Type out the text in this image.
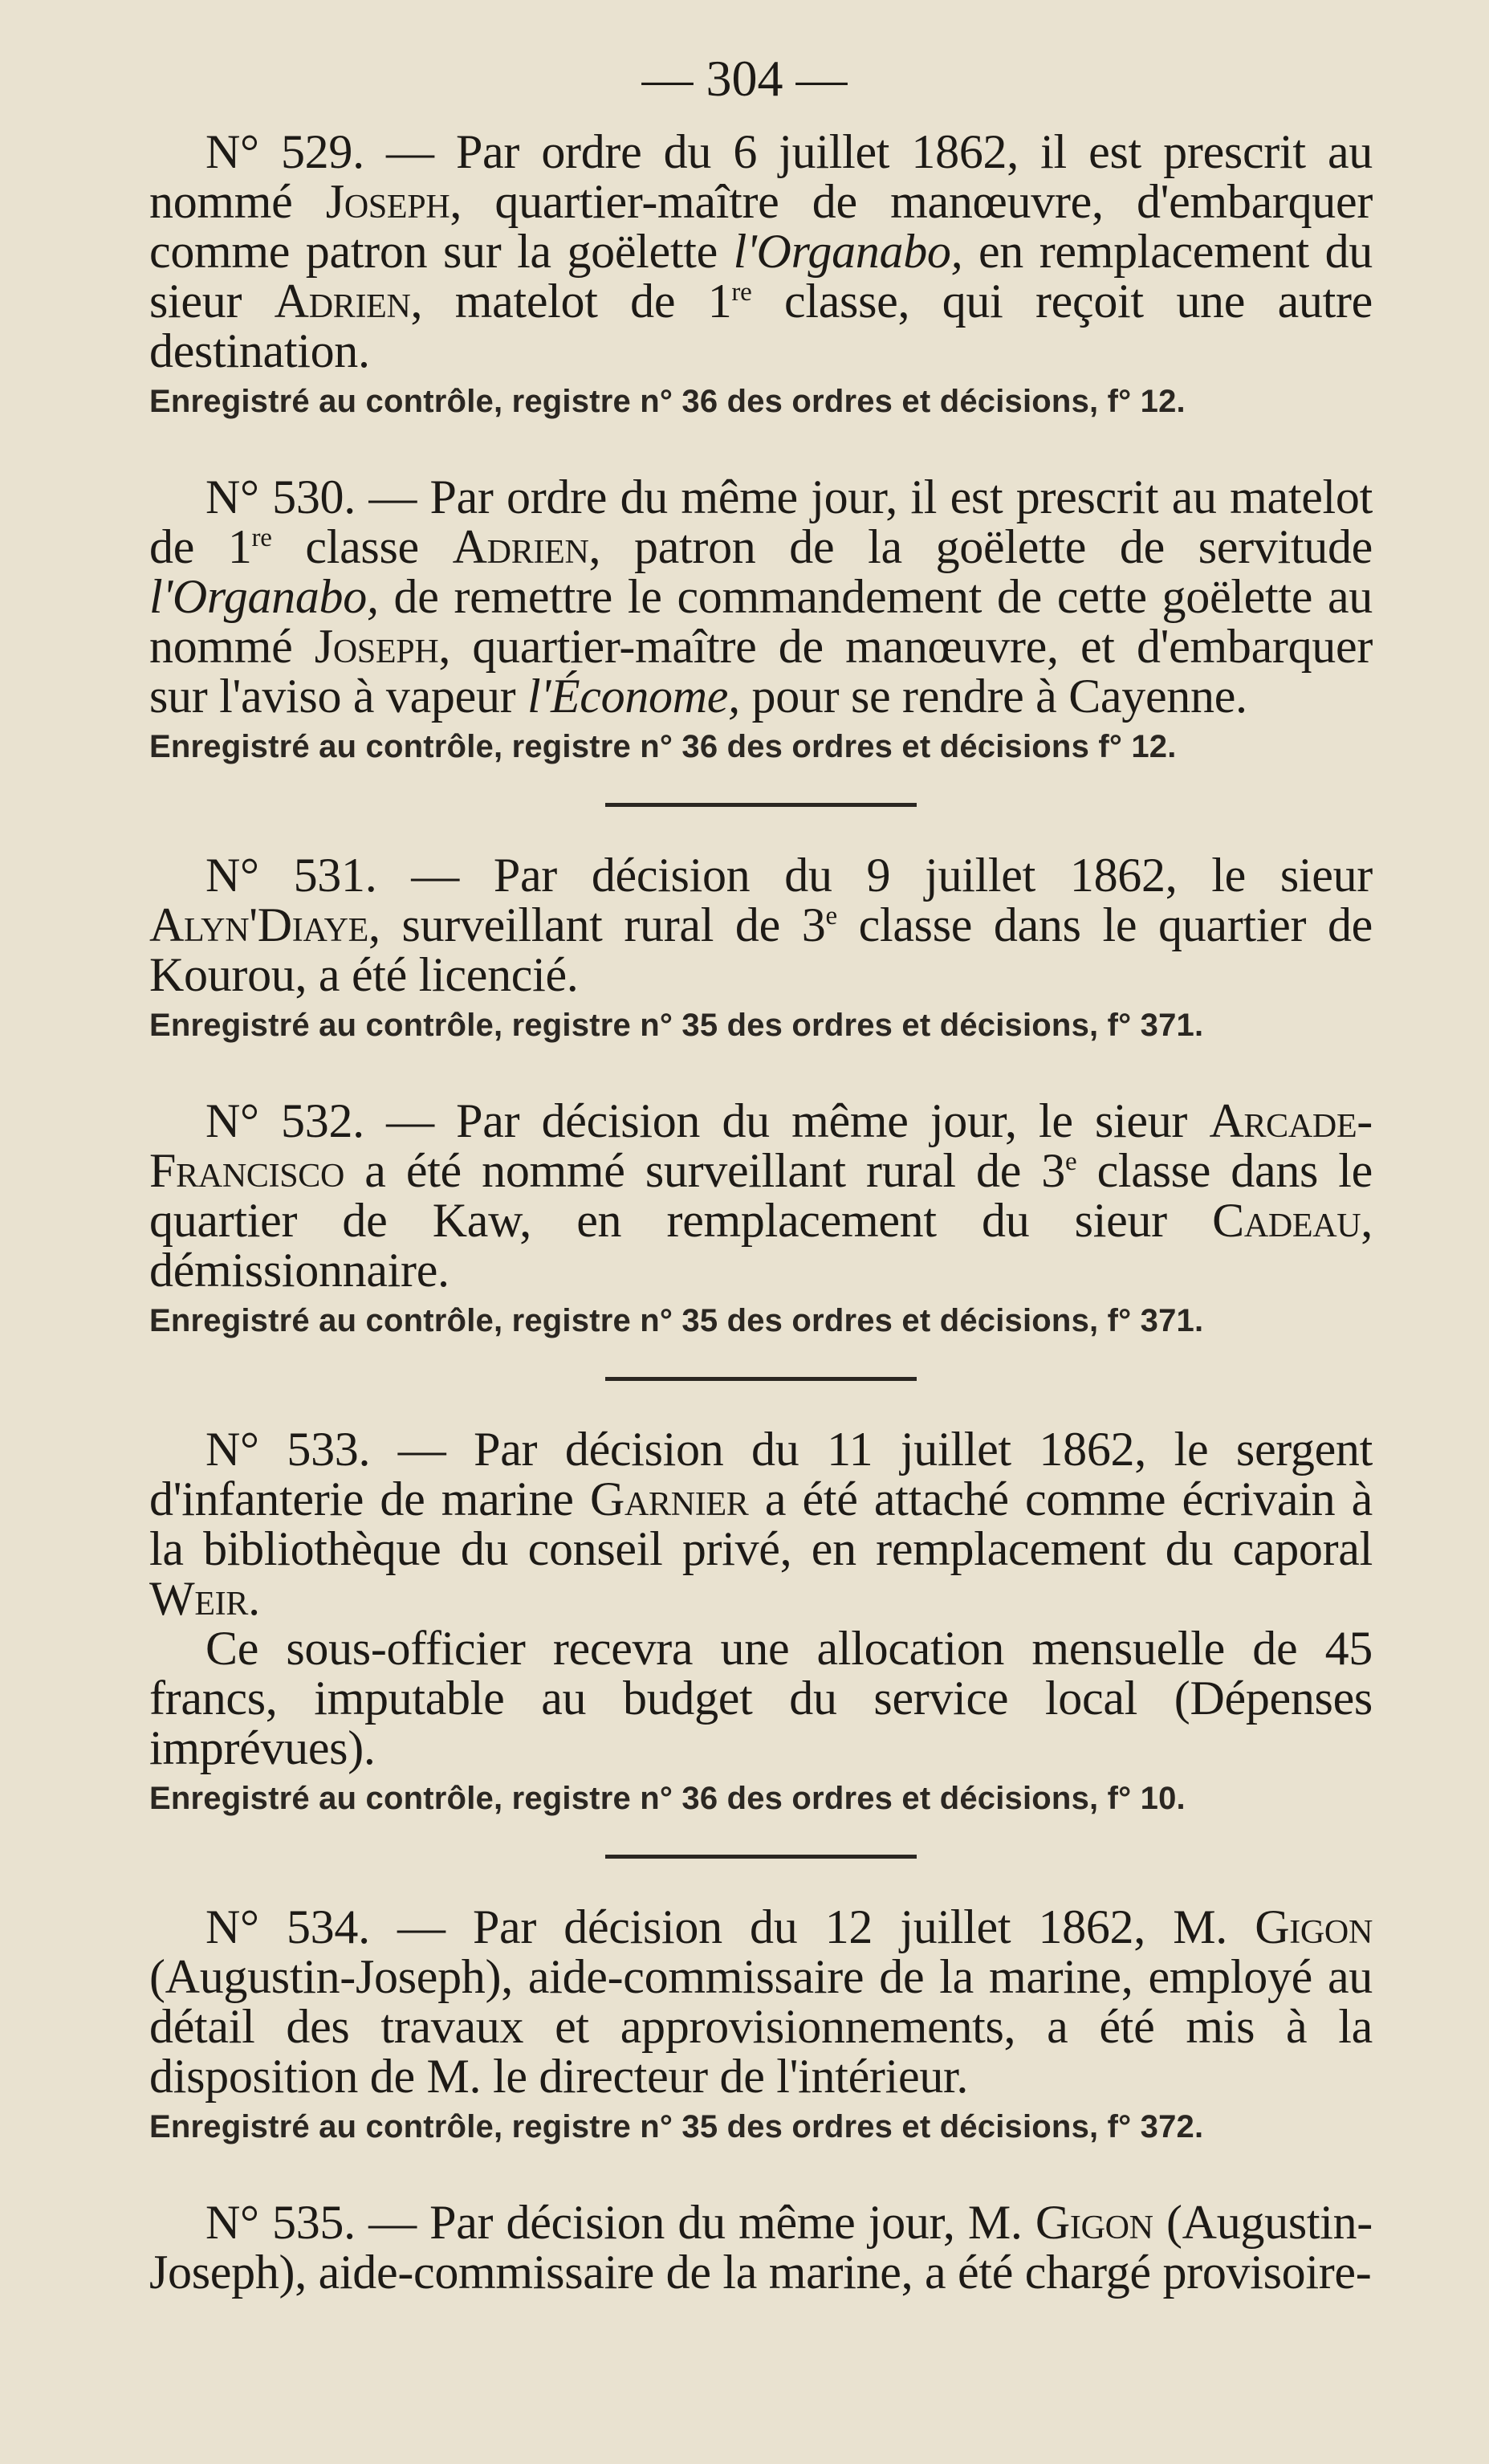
— 304 —

N° 529. — Par ordre du 6 juillet 1862, il est prescrit au nommé Joseph, quartier-maître de manœuvre, d'embarquer comme patron sur la goëlette l'Organabo, en remplacement du sieur Adrien, matelot de 1re classe, qui reçoit une autre destination.

Enregistré au contrôle, registre n° 36 des ordres et décisions, f° 12.

N° 530. — Par ordre du même jour, il est prescrit au matelot de 1re classe Adrien, patron de la goëlette de servitude l'Organabo, de remettre le commandement de cette goëlette au nommé Joseph, quartier-maître de manœuvre, et d'embarquer sur l'aviso à vapeur l'Économe, pour se rendre à Cayenne.

Enregistré au contrôle, registre n° 36 des ordres et décisions f° 12.

N° 531. — Par décision du 9 juillet 1862, le sieur Alyn'Diaye, surveillant rural de 3e classe dans le quartier de Kourou, a été licencié.

Enregistré au contrôle, registre n° 35 des ordres et décisions, f° 371.

N° 532. — Par décision du même jour, le sieur Arcade-Francisco a été nommé surveillant rural de 3e classe dans le quartier de Kaw, en remplacement du sieur Cadeau, démissionnaire.

Enregistré au contrôle, registre n° 35 des ordres et décisions, f° 371.

N° 533. — Par décision du 11 juillet 1862, le sergent d'infanterie de marine Garnier a été attaché comme écrivain à la bibliothèque du conseil privé, en remplacement du caporal Weir.

Ce sous-officier recevra une allocation mensuelle de 45 francs, imputable au budget du service local (Dépenses imprévues).

Enregistré au contrôle, registre n° 36 des ordres et décisions, f° 10.

N° 534. — Par décision du 12 juillet 1862, M. Gigon (Augustin-Joseph), aide-commissaire de la marine, employé au détail des travaux et approvisionnements, a été mis à la disposition de M. le directeur de l'intérieur.

Enregistré au contrôle, registre n° 35 des ordres et décisions, f° 372.

N° 535. — Par décision du même jour, M. Gigon (Augustin-Joseph), aide-commissaire de la marine, a été chargé provisoire-
